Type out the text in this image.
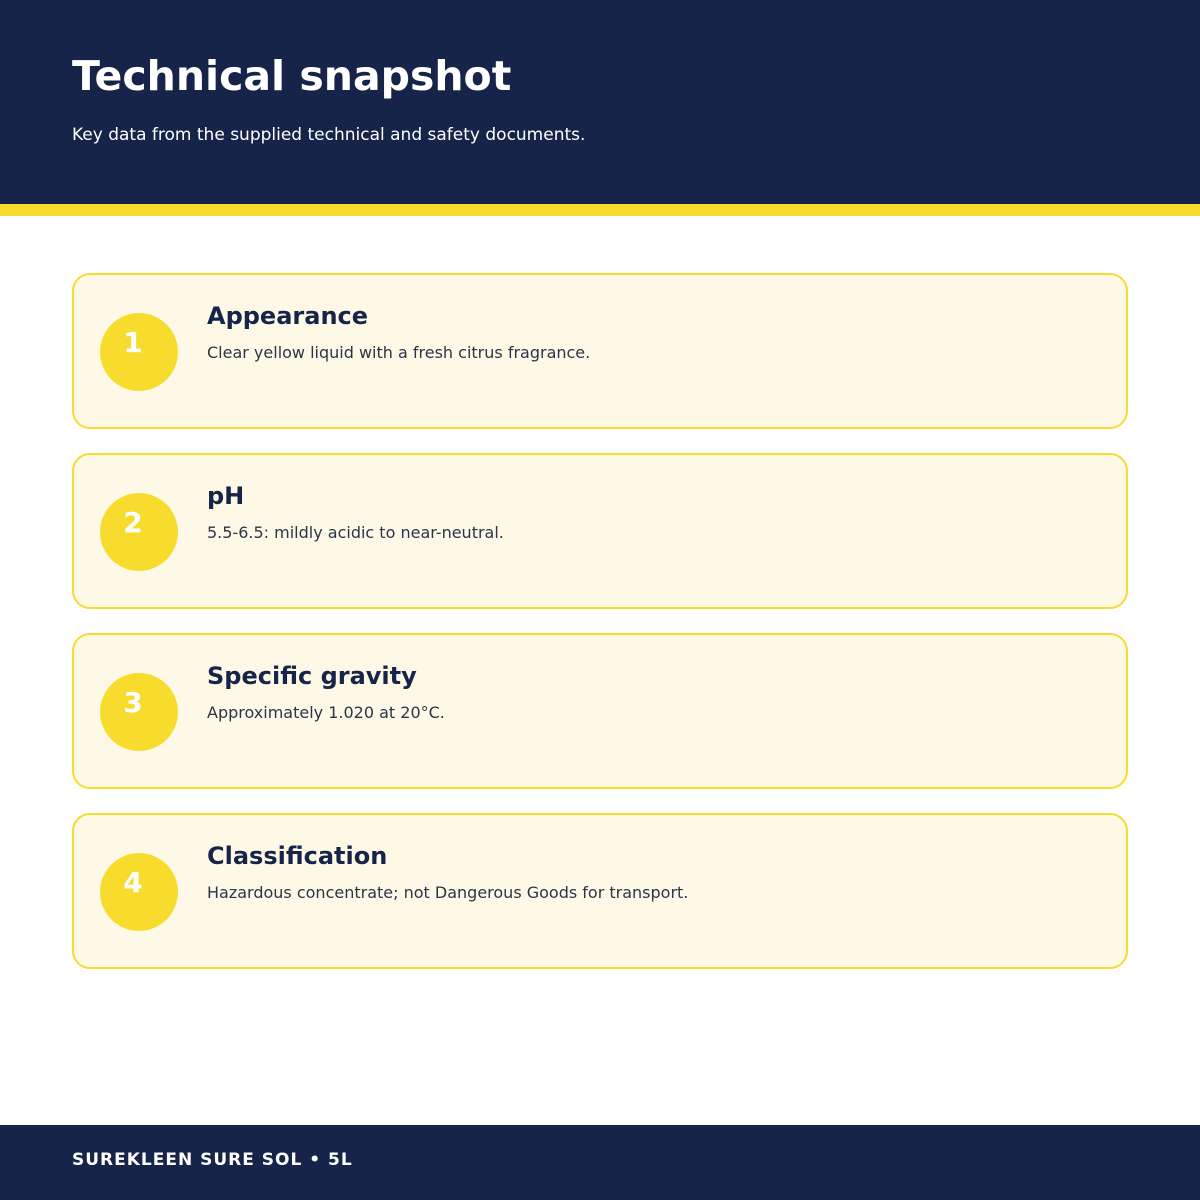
Technical snapshot

Key data from the supplied technical and safety documents.

1
Appearance

Clear yellow liquid with a fresh citrus fragrance.

2
pH

5.5-6.5: mildly acidic to near-neutral.

3
Specific gravity

Approximately 1.020 at 20°C.

4
Classification

Hazardous concentrate; not Dangerous Goods for transport.

SUREKLEEN SURE SOL • 5L
